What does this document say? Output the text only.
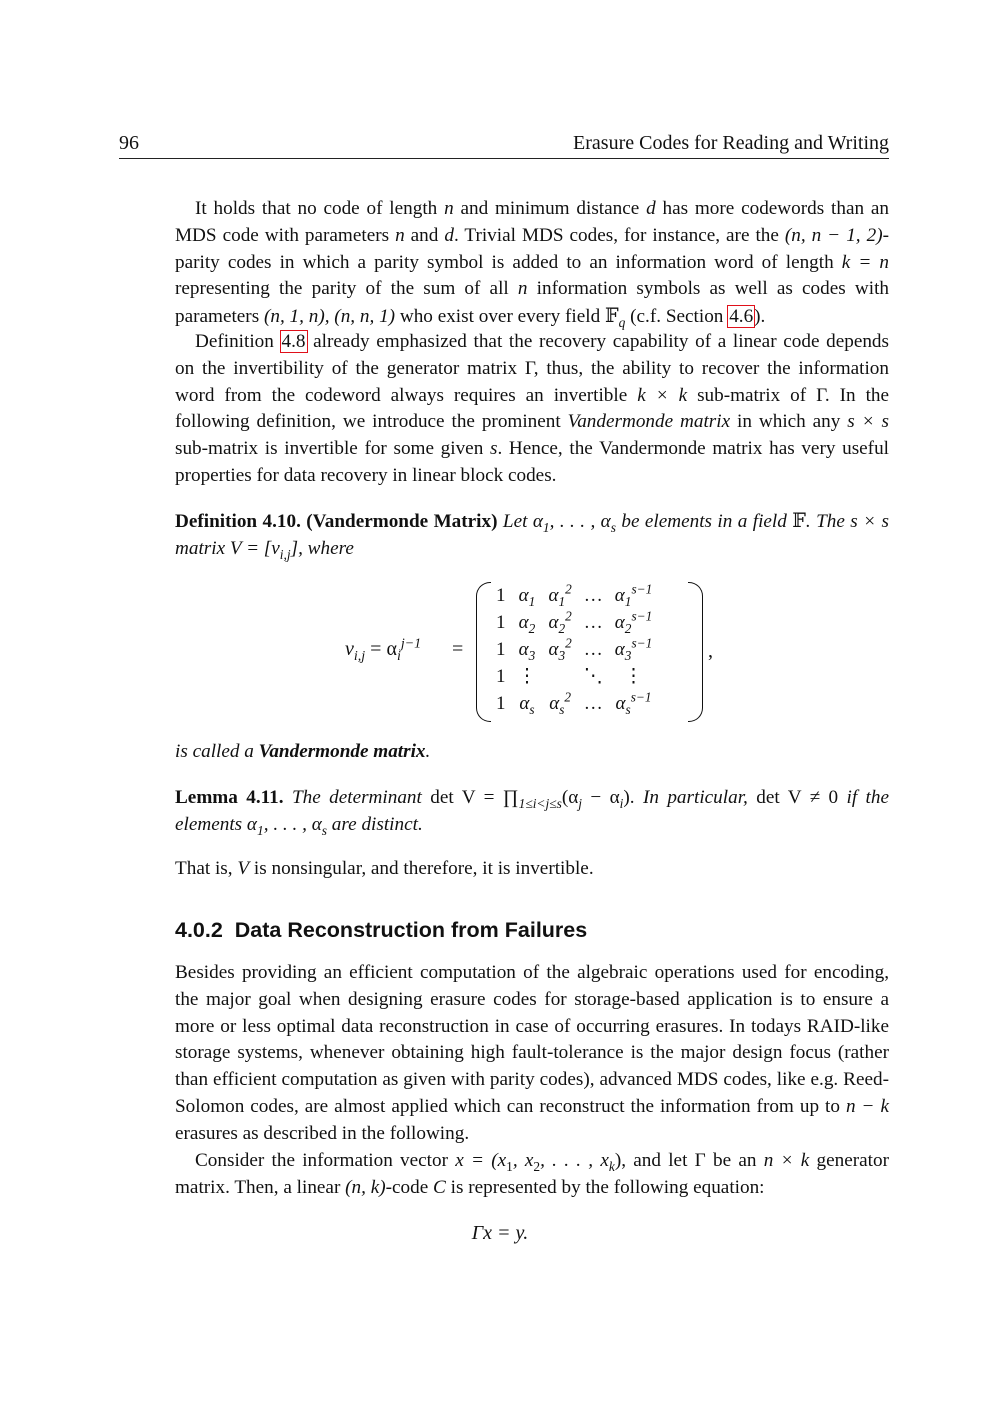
96	Erasure Codes for Reading and Writing

It holds that no code of length n and minimum distance d has more codewords than an MDS code with parameters n and d. Trivial MDS codes, for instance, are the (n, n − 1, 2)-parity codes in which a parity symbol is added to an information word of length k = n representing the parity of the sum of all n information symbols as well as codes with parameters (n, 1, n), (n, n, 1) who exist over every field 𝔽$_q$ (c.f. Section 4.6).

Definition 4.8 already emphasized that the recovery capability of a linear code depends on the invertibility of the generator matrix Γ, thus, the ability to recover the information word from the codeword always requires an invertible k × k sub-matrix of Γ. In the following definition, we introduce the prominent Vandermonde matrix in which any s × s sub-matrix is invertible for some given s. Hence, the Vandermonde matrix has very useful properties for data recovery in linear block codes.

Definition 4.10. (Vandermonde Matrix) Let $\alpha_1$, . . . , $\alpha_s$ be elements in a field 𝔽. The s × s matrix $V = [v_{i,j}]$, where

$v_{i,j} = \alpha_i^{j-1}$ =
1	$\alpha_1$	$\alpha_1^2$	…	$\alpha_1^{s-1}$
1	$\alpha_2$	$\alpha_2^2$	…	$\alpha_2^{s-1}$
1	$\alpha_3$	$\alpha_3^2$	…	$\alpha_3^{s-1}$
1	⋮		⋱	⋮
1	$\alpha_s$	$\alpha_s^2$	…	$\alpha_s^{s-1}$
,

is called a Vandermonde matrix.

Lemma 4.11. The determinant $\det V = \prod_{1\le i<j\le s}(\alpha_j - \alpha_i)$. In particular, det V ≠ 0 if the elements $\alpha_1$, . . . , $\alpha_s$ are distinct.

That is, V is nonsingular, and therefore, it is invertible.

4.0.2 Data Reconstruction from Failures

Besides providing an efficient computation of the algebraic operations used for encoding, the major goal when designing erasure codes for storage-based application is to ensure a more or less optimal data reconstruction in case of occurring erasures. In todays RAID-like storage systems, whenever obtaining high fault-tolerance is the major design focus (rather than efficient computation as given with parity codes), advanced MDS codes, like e.g. Reed-Solomon codes, are almost applied which can reconstruct the information from up to n − k erasures as described in the following.

Consider the information vector $x = (x_1$, $x_2$, . . . , $x_k$), and let Γ be an n × k generator matrix. Then, a linear (n, k)-code C is represented by the following equation:

Γx = y.
